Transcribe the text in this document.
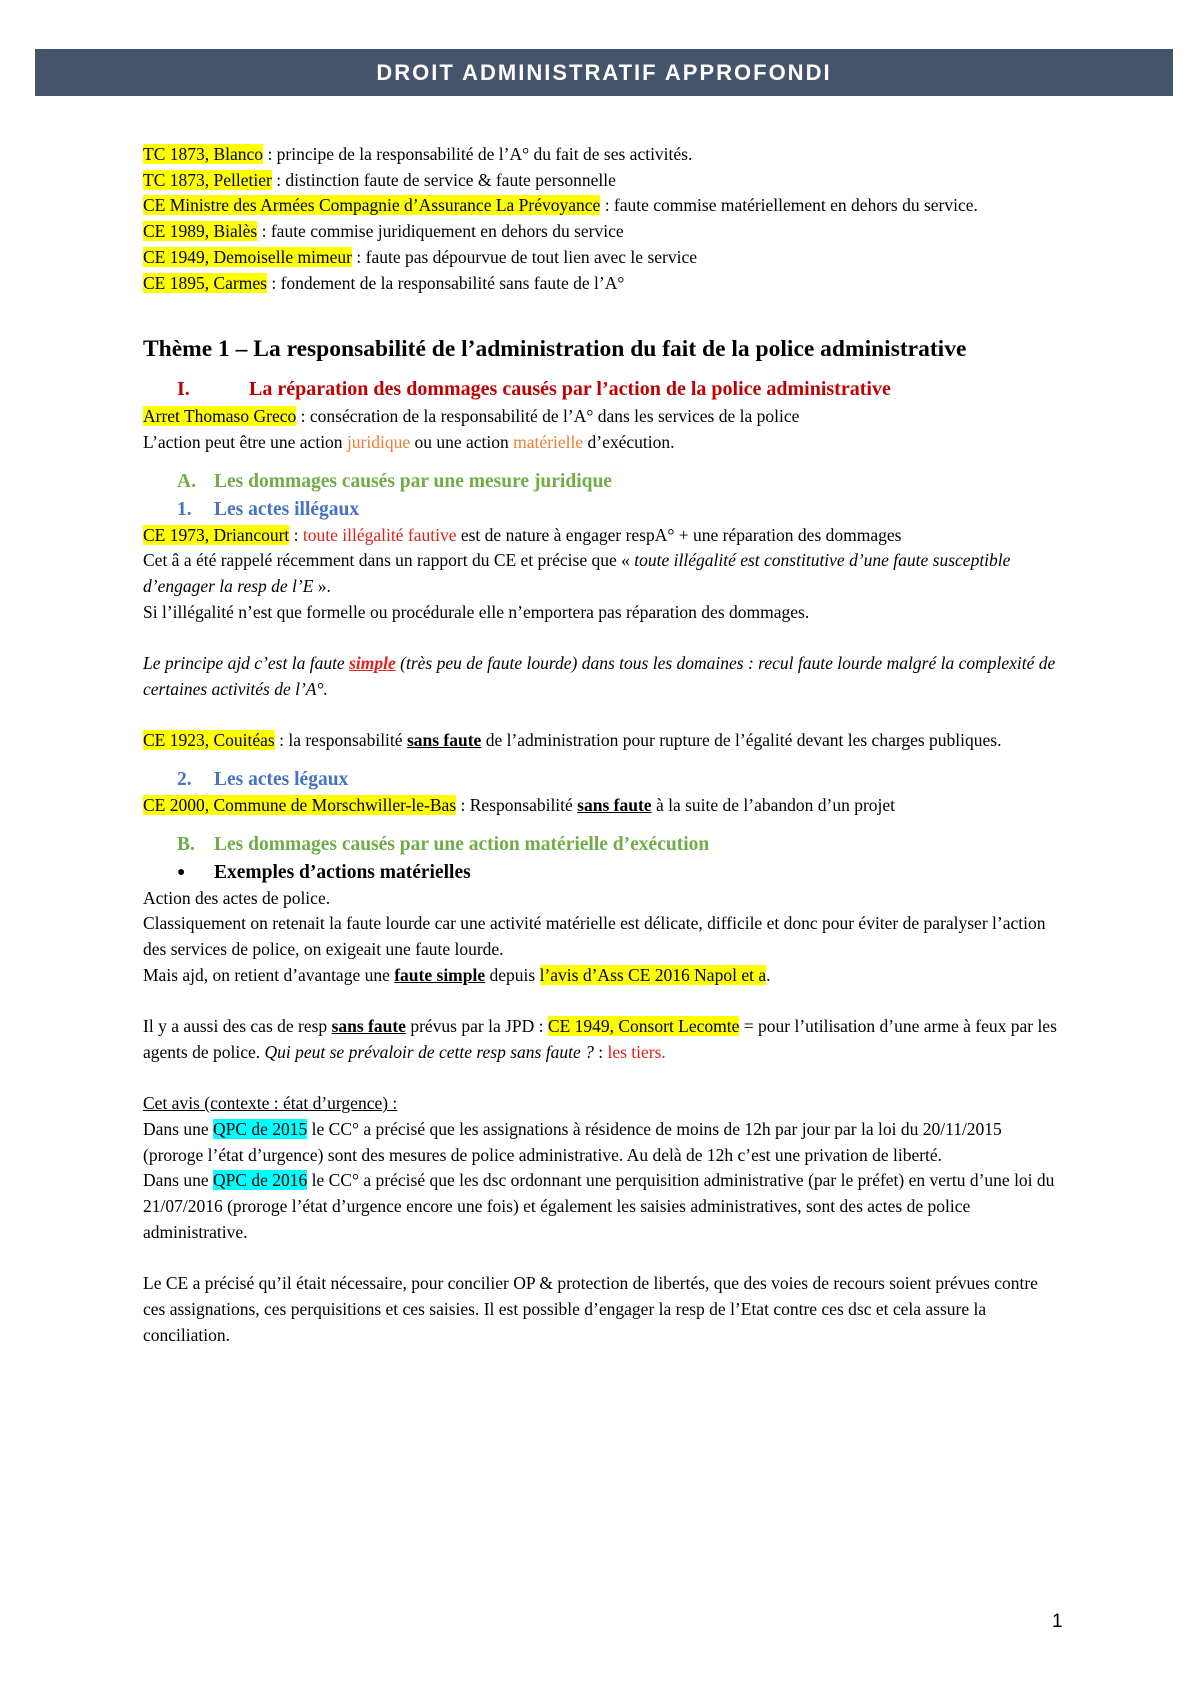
DROIT ADMINISTRATIF APPROFONDI

TC 1873, Blanco : principe de la responsabilité de l’A° du fait de ses activités.

TC 1873, Pelletier : distinction faute de service & faute personnelle

CE Ministre des Armées Compagnie d’Assurance La Prévoyance : faute commise matériellement en dehors du service.

CE 1989, Bialès : faute commise juridiquement en dehors du service

CE 1949, Demoiselle mimeur : faute pas dépourvue de tout lien avec le service

CE 1895, Carmes : fondement de la responsabilité sans faute de l’A°

Thème 1 – La responsabilité de l’administration du fait de la police administrative

I.	La réparation des dommages causés par l’action de la police administrative

Arret Thomaso Greco : consécration de la responsabilité de l’A° dans les services de la police

L’action peut être une action juridique ou une action matérielle d’exécution.

A. Les dommages causés par une mesure juridique

1. Les actes illégaux

CE 1973, Driancourt : toute illégalité fautive est de nature à engager respA° + une réparation des dommages

Cet â a été rappelé récemment dans un rapport du CE et précise que « toute illégalité est constitutive d’une faute susceptible d’engager la resp de l’E ».

Si l’illégalité n’est que formelle ou procédurale elle n’emportera pas réparation des dommages.

Le principe ajd c’est la faute simple (très peu de faute lourde) dans tous les domaines : recul faute lourde malgré la complexité de certaines activités de l’A°.

CE 1923, Couitéas : la responsabilité sans faute de l’administration pour rupture de l’égalité devant les charges publiques.

2. Les actes légaux

CE 2000, Commune de Morschwiller-le-Bas : Responsabilité sans faute à la suite de l’abandon d’un projet

B. Les dommages causés par une action matérielle d’exécution

● Exemples d’actions matérielles

Action des actes de police.

Classiquement on retenait la faute lourde car une activité matérielle est délicate, difficile et donc pour éviter de paralyser l’action des services de police, on exigeait une faute lourde.

Mais ajd, on retient d’avantage une faute simple depuis l’avis d’Ass CE 2016 Napol et a.

Il y a aussi des cas de resp sans faute prévus par la JPD : CE 1949, Consort Lecomte = pour l’utilisation d’une arme à feux par les agents de police. Qui peut se prévaloir de cette resp sans faute ? : les tiers.

Cet avis (contexte : état d’urgence) :

Dans une QPC de 2015 le CC° a précisé que les assignations à résidence de moins de 12h par jour par la loi du 20/11/2015 (proroge l’état d’urgence) sont des mesures de police administrative. Au delà de 12h c’est une privation de liberté.

Dans une QPC de 2016 le CC° a précisé que les dsc ordonnant une perquisition administrative (par le préfet) en vertu d’une loi du 21/07/2016 (proroge l’état d’urgence encore une fois) et également les saisies administratives, sont des actes de police administrative.

Le CE a précisé qu’il était nécessaire, pour concilier OP & protection de libertés, que des voies de recours soient prévues contre ces assignations, ces perquisitions et ces saisies. Il est possible d’engager la resp de l’Etat contre ces dsc et cela assure la conciliation.

1
